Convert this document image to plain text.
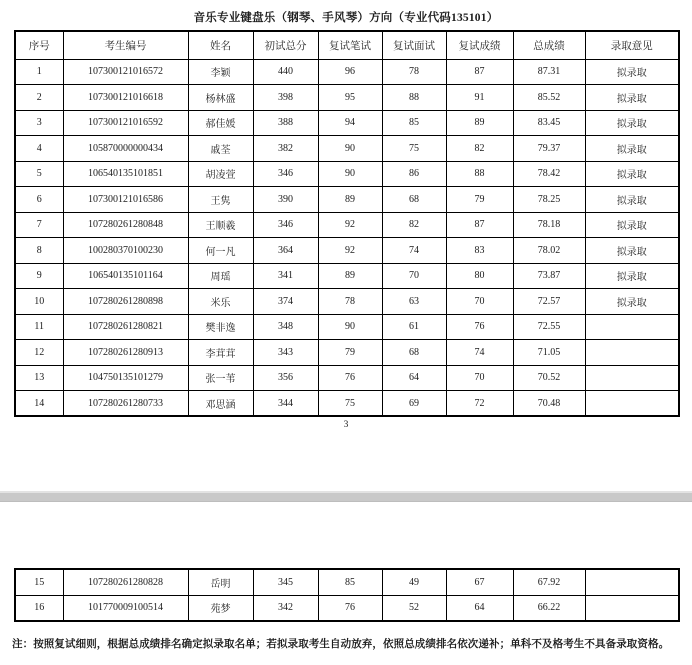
音乐专业键盘乐（钢琴、手风琴）方向（专业代码135101）
序号	考生编号	姓名	初试总分	复试笔试	复试面试	复试成绩	总成绩	录取意见
1	107300121016572	李颖	440	96	78	87	87.31	拟录取
2	107300121016618	杨林盛	398	95	88	91	85.52	拟录取
3	107300121016592	郝佳媛	388	94	85	89	83.45	拟录取
4	105870000000434	戚荃	382	90	75	82	79.37	拟录取
5	106540135101851	胡凌萱	346	90	86	88	78.42	拟录取
6	107300121016586	王隽	390	89	68	79	78.25	拟录取
7	107280261280848	王顺羲	346	92	82	87	78.18	拟录取
8	100280370100230	何一凡	364	92	74	83	78.02	拟录取
9	106540135101164	周瑶	341	89	70	80	73.87	拟录取
10	107280261280898	米乐	374	78	63	70	72.57	拟录取
11	107280261280821	樊非逸	348	90	61	76	72.55	
12	107280261280913	李茸茸	343	79	68	74	71.05	
13	104750135101279	张一苇	356	76	64	70	70.52	
14	107280261280733	邓思涵	344	75	69	72	70.48	
3
15	107280261280828	岳明	345	85	49	67	67.92	
16	101770009100514	苑梦	342	76	52	64	66.22	
注：按照复试细则，根据总成绩排名确定拟录取名单；若拟录取考生自动放弃，依照总成绩排名依次递补；单科不及格考生不具备录取资格。
